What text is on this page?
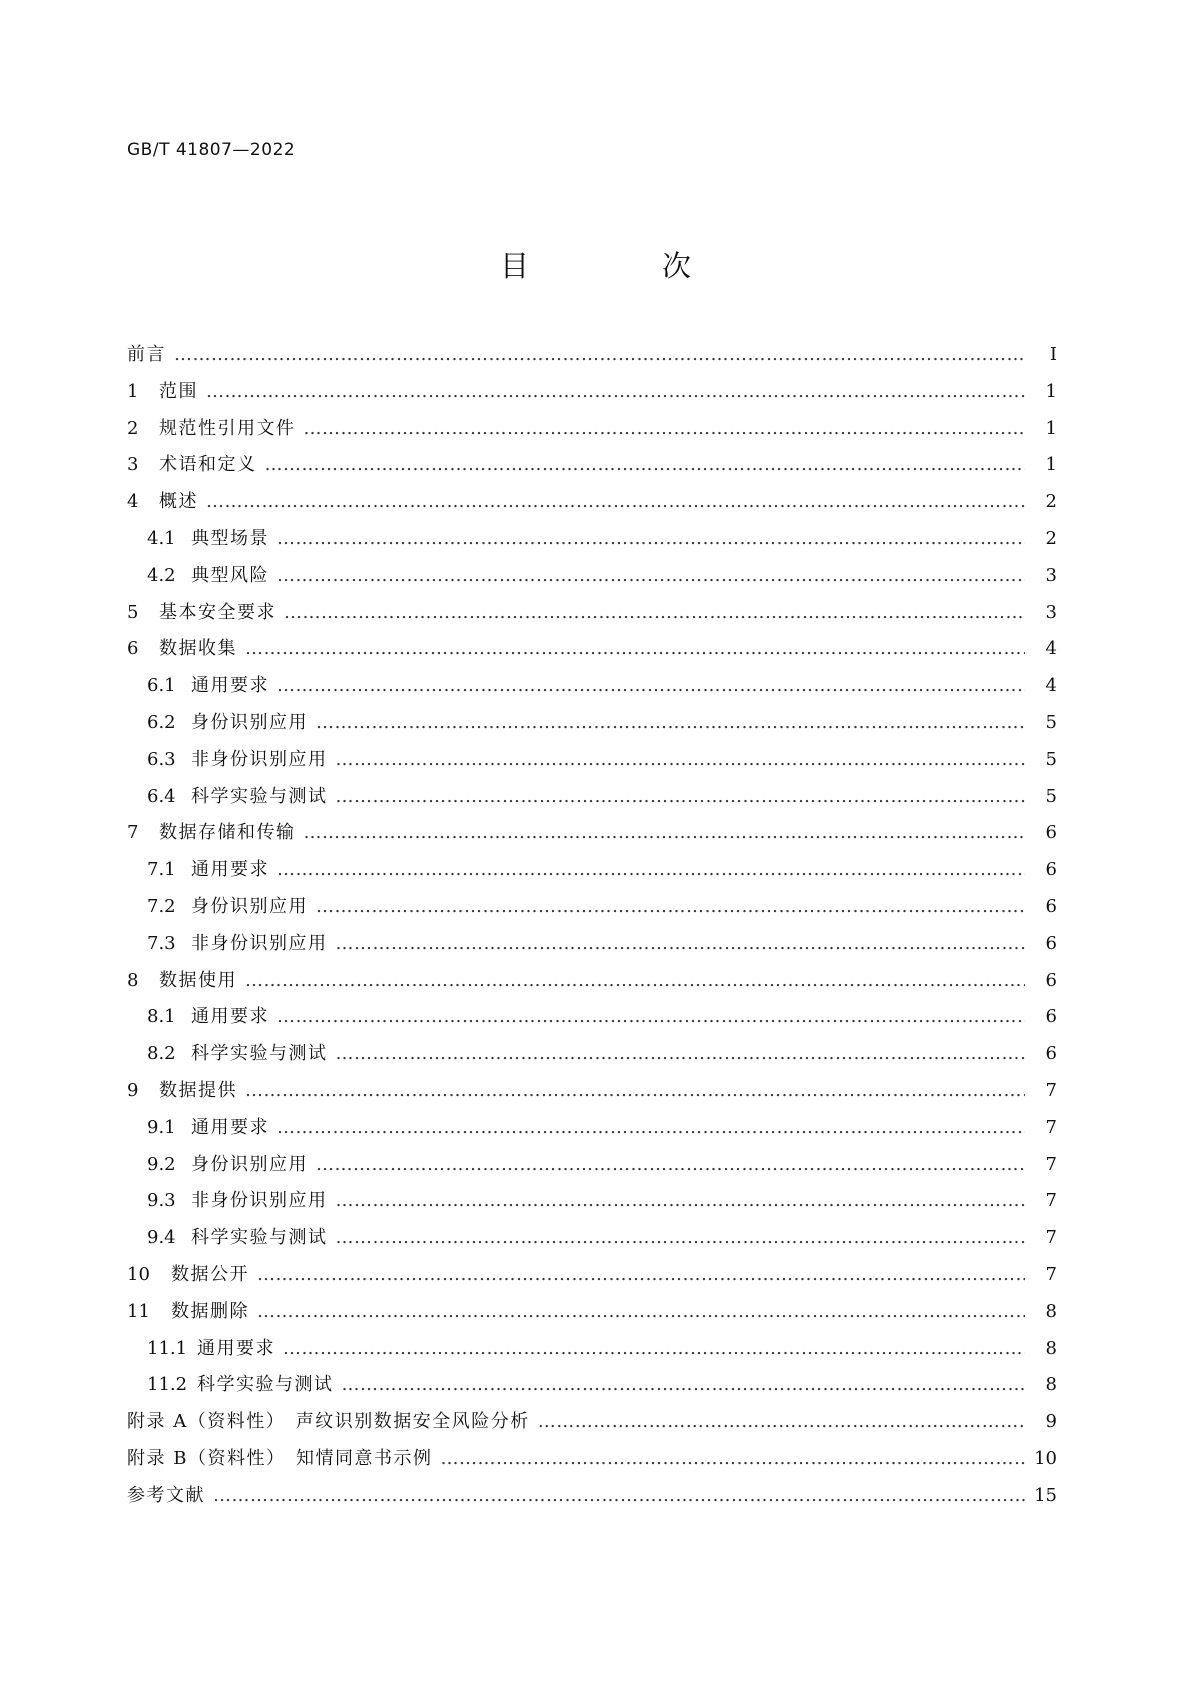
GB/T 41807—2022
目　次
前言 ………………………………………………………………………………………………………………………………………………………………………………………………………………………	Ⅰ
1	范围 ………………………………………………………………………………………………………………………………………………………………………………………………………………………	1
2	规范性引用文件 ………………………………………………………………………………………………………………………………………………………………………………………………………………………	1
3	术语和定义 ………………………………………………………………………………………………………………………………………………………………………………………………………………………	1
4	概述 ………………………………………………………………………………………………………………………………………………………………………………………………………………………	2
4.1 典型场景 ………………………………………………………………………………………………………………………………………………………………………………………………………………………	2
4.2 典型风险 ………………………………………………………………………………………………………………………………………………………………………………………………………………………	3
5	基本安全要求 ………………………………………………………………………………………………………………………………………………………………………………………………………………………	3
6	数据收集 ………………………………………………………………………………………………………………………………………………………………………………………………………………………	4
6.1 通用要求 ………………………………………………………………………………………………………………………………………………………………………………………………………………………	4
6.2 身份识别应用 ………………………………………………………………………………………………………………………………………………………………………………………………………………………	5
6.3 非身份识别应用 ………………………………………………………………………………………………………………………………………………………………………………………………………………………	5
6.4 科学实验与测试 ………………………………………………………………………………………………………………………………………………………………………………………………………………………	5
7	数据存储和传输 ………………………………………………………………………………………………………………………………………………………………………………………………………………………	6
7.1 通用要求 ………………………………………………………………………………………………………………………………………………………………………………………………………………………	6
7.2 身份识别应用 ………………………………………………………………………………………………………………………………………………………………………………………………………………………	6
7.3 非身份识别应用 ………………………………………………………………………………………………………………………………………………………………………………………………………………………	6
8	数据使用 ………………………………………………………………………………………………………………………………………………………………………………………………………………………	6
8.1 通用要求 ………………………………………………………………………………………………………………………………………………………………………………………………………………………	6
8.2 科学实验与测试 ………………………………………………………………………………………………………………………………………………………………………………………………………………………	6
9	数据提供 ………………………………………………………………………………………………………………………………………………………………………………………………………………………	7
9.1 通用要求 ………………………………………………………………………………………………………………………………………………………………………………………………………………………	7
9.2 身份识别应用 ………………………………………………………………………………………………………………………………………………………………………………………………………………………	7
9.3 非身份识别应用 ………………………………………………………………………………………………………………………………………………………………………………………………………………………	7
9.4 科学实验与测试 ………………………………………………………………………………………………………………………………………………………………………………………………………………………	7
10	数据公开 ………………………………………………………………………………………………………………………………………………………………………………………………………………………	7
11	数据删除 ………………………………………………………………………………………………………………………………………………………………………………………………………………………	8
11.1 通用要求 ………………………………………………………………………………………………………………………………………………………………………………………………………………………	8
11.2 科学实验与测试 ………………………………………………………………………………………………………………………………………………………………………………………………………………………	8
附录 A（资料性）　声纹识别数据安全风险分析 ………………………………………………………………………………………………………………………………………………………………………………………………………………………	9
附录 B（资料性）　知情同意书示例 ………………………………………………………………………………………………………………………………………………………………………………………………………………………	10
参考文献 ………………………………………………………………………………………………………………………………………………………………………………………………………………………	15
